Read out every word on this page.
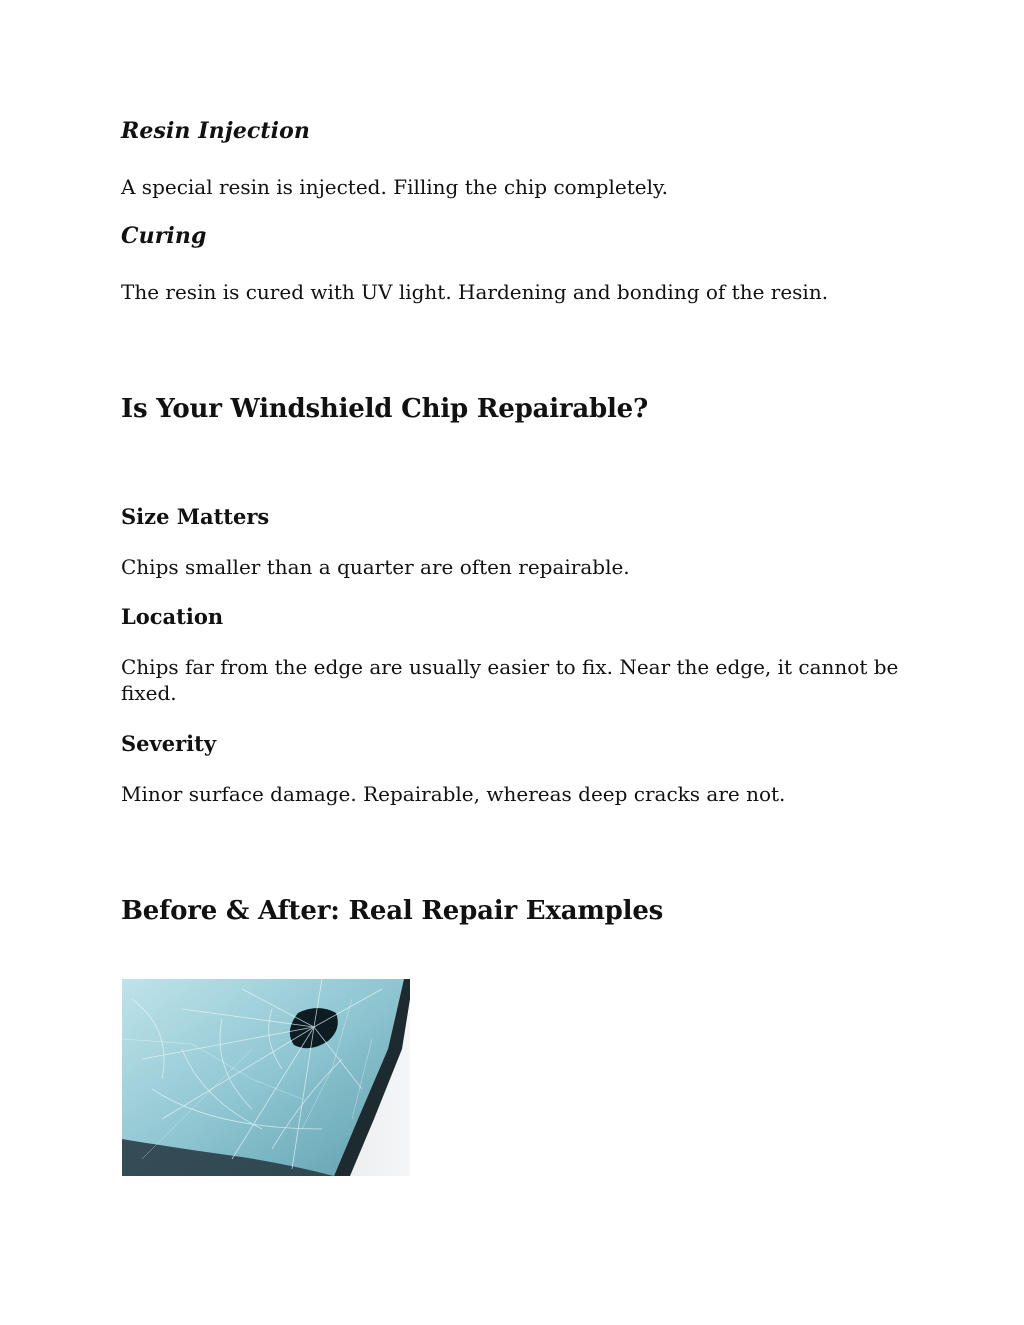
Resin Injection

A special resin is injected. Filling the chip completely.

Curing

The resin is cured with UV light. Hardening and bonding of the resin.

Is Your Windshield Chip Repairable?
Size Matters

Chips smaller than a quarter are often repairable.

Location

Chips far from the edge are usually easier to fix. Near the edge, it cannot be fixed.

Severity

Minor surface damage. Repairable, whereas deep cracks are not.

Before & After: Real Repair Examples
